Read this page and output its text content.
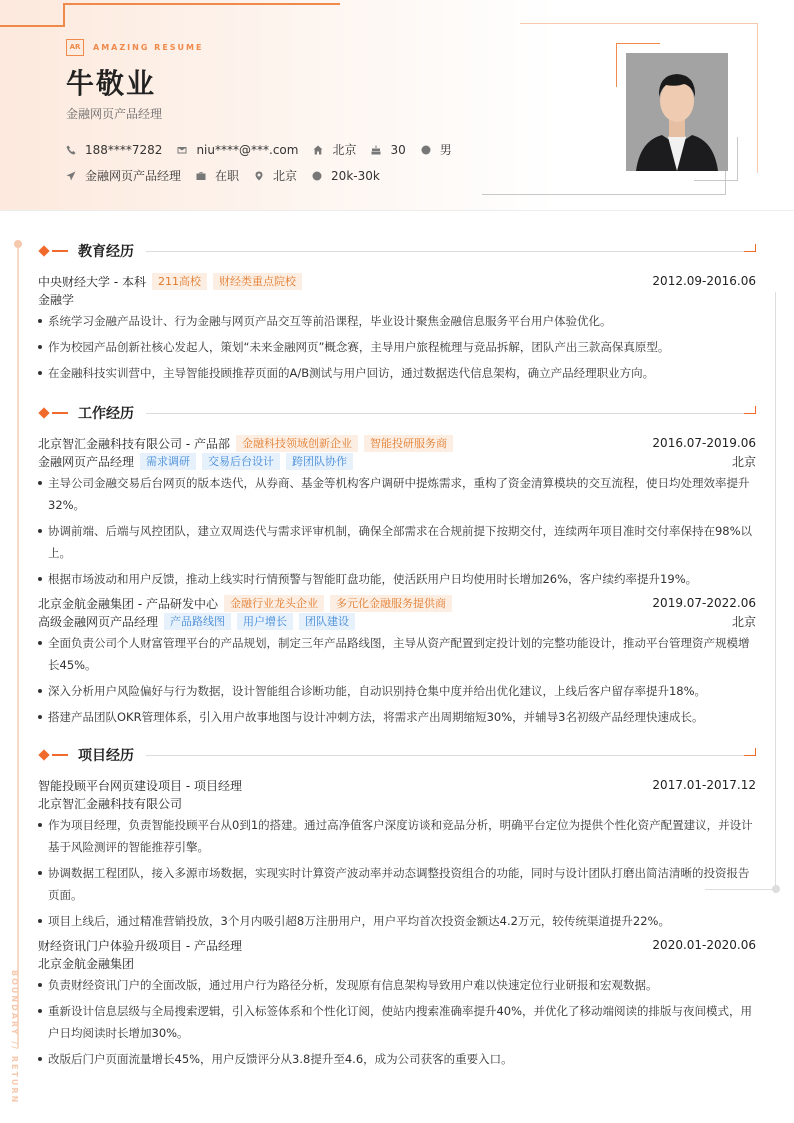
AR	AMAZING RESUME
牛敬业
金融网页产品经理
188****7282	niu****@***.com	北京	30	男
金融网页产品经理	在职	北京	20k-30k
BOUNDARY // RETURN
教育经历
中央财经大学 - 本科	211高校	财经类重点院校	2012.09-2016.06
金融学
系统学习金融产品设计、行为金融与网页产品交互等前沿课程，毕业设计聚焦金融信息服务平台用户体验优化。
作为校园产品创新社核心发起人，策划“未来金融网页”概念赛，主导用户旅程梳理与竞品拆解，团队产出三款高保真原型。
在金融科技实训营中，主导智能投顾推荐页面的A/B测试与用户回访，通过数据迭代信息架构，确立产品经理职业方向。
工作经历
北京智汇金融科技有限公司 - 产品部	金融科技领域创新企业	智能投研服务商	2016.07-2019.06
金融网页产品经理	需求调研	交易后台设计	跨团队协作	北京
主导公司金融交易后台网页的版本迭代，从券商、基金等机构客户调研中提炼需求，重构了资金清算模块的交互流程，使日均处理效率提升32%。
协调前端、后端与风控团队，建立双周迭代与需求评审机制，确保全部需求在合规前提下按期交付，连续两年项目准时交付率保持在98%以上。
根据市场波动和用户反馈，推动上线实时行情预警与智能盯盘功能，使活跃用户日均使用时长增加26%，客户续约率提升19%。
北京金航金融集团 - 产品研发中心	金融行业龙头企业	多元化金融服务提供商	2019.07-2022.06
高级金融网页产品经理	产品路线图	用户增长	团队建设	北京
全面负责公司个人财富管理平台的产品规划，制定三年产品路线图，主导从资产配置到定投计划的完整功能设计，推动平台管理资产规模增长45%。
深入分析用户风险偏好与行为数据，设计智能组合诊断功能，自动识别持仓集中度并给出优化建议，上线后客户留存率提升18%。
搭建产品团队OKR管理体系，引入用户故事地图与设计冲刺方法，将需求产出周期缩短30%，并辅导3名初级产品经理快速成长。
项目经历
智能投顾平台网页建设项目 - 项目经理	2017.01-2017.12
北京智汇金融科技有限公司
作为项目经理，负责智能投顾平台从0到1的搭建。通过高净值客户深度访谈和竞品分析，明确平台定位为提供个性化资产配置建议，并设计基于风险测评的智能推荐引擎。
协调数据工程团队，接入多源市场数据，实现实时计算资产波动率并动态调整投资组合的功能，同时与设计团队打磨出简洁清晰的投资报告页面。
项目上线后，通过精准营销投放，3个月内吸引超8万注册用户，用户平均首次投资金额达4.2万元，较传统渠道提升22%。
财经资讯门户体验升级项目 - 产品经理	2020.01-2020.06
北京金航金融集团
负责财经资讯门户的全面改版，通过用户行为路径分析，发现原有信息架构导致用户难以快速定位行业研报和宏观数据。
重新设计信息层级与全局搜索逻辑，引入标签体系和个性化订阅，使站内搜索准确率提升40%，并优化了移动端阅读的排版与夜间模式，用户日均阅读时长增加30%。
改版后门户页面流量增长45%，用户反馈评分从3.8提升至4.6，成为公司获客的重要入口。
